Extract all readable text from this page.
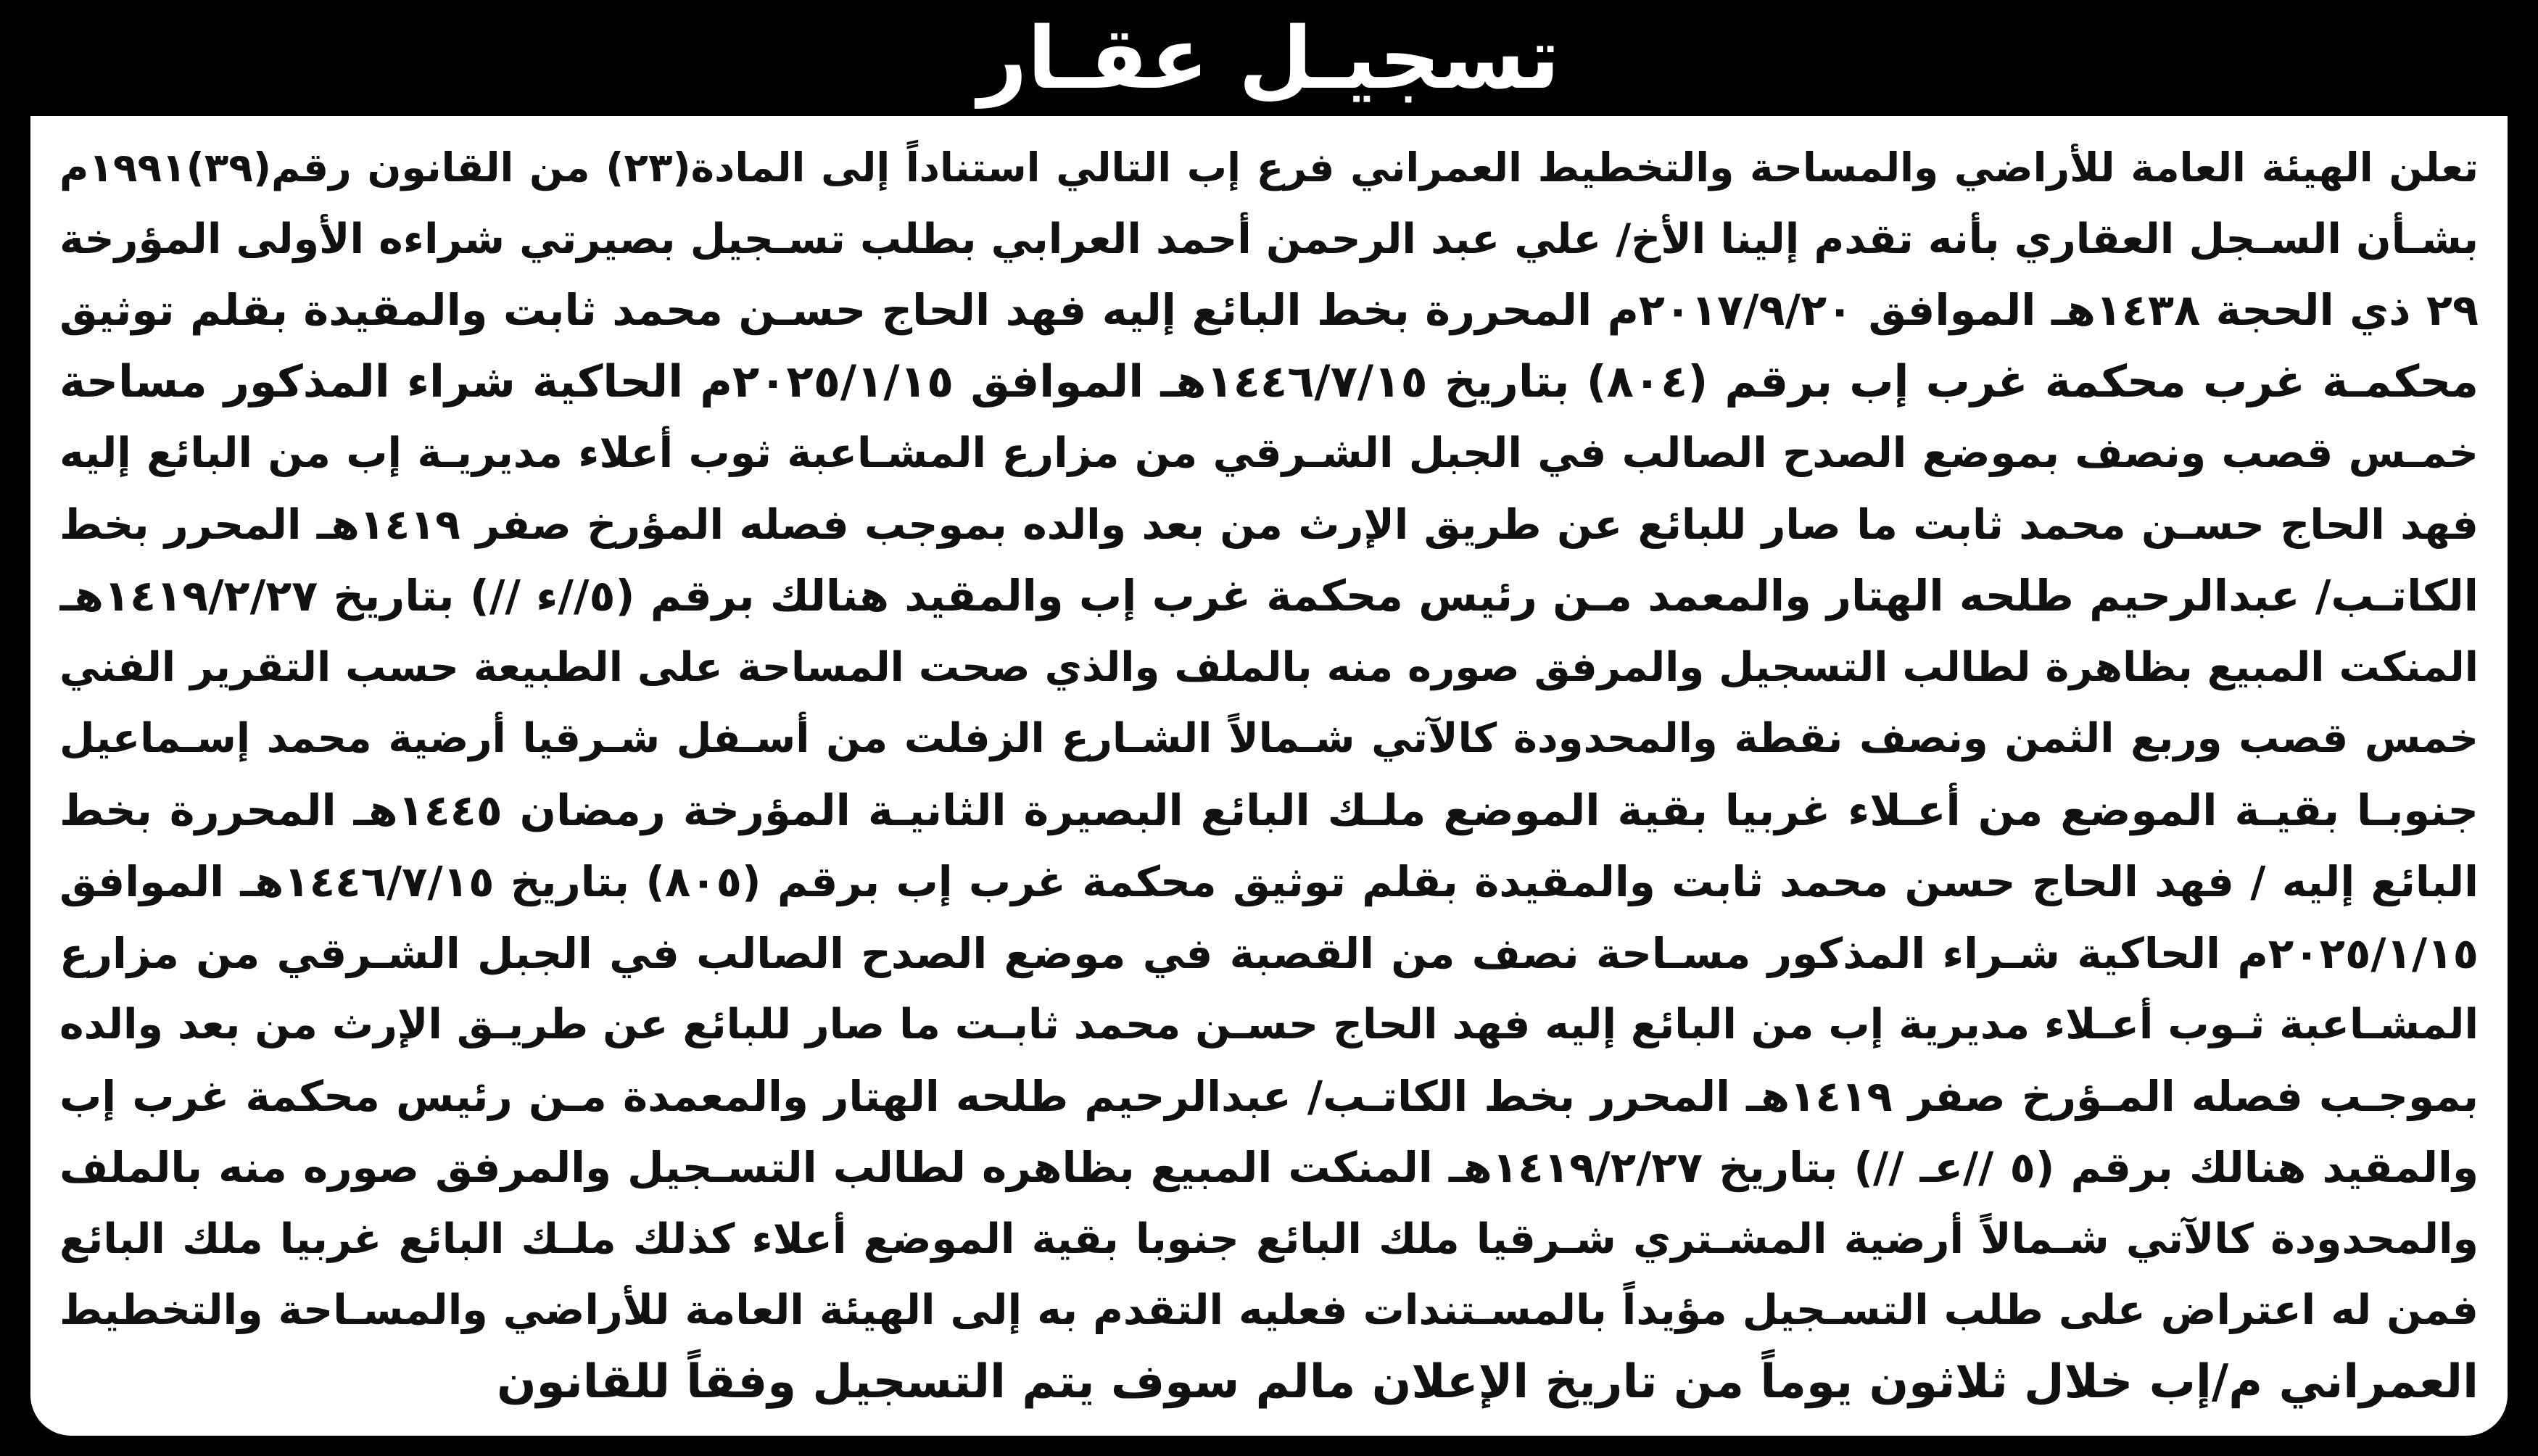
تسجيـل عقـار
تعلن الهيئة العامة للأراضي والمساحة والتخطيط العمراني فرع إب التالي استناداً إلى المادة(٢٣) من القانون رقم(٣٩)١٩٩١م
بشـأن السـجل العقاري بأنه تقدم إلينا الأخ/ علي عبد الرحمن أحمد العرابي بطلب تسـجيل بصيرتي شراءه الأولى المؤرخة
٢٩ ذي الحجة ١٤٣٨هـ الموافق ٢٠١٧/٩/٢٠م المحررة بخط البائع إليه فهد الحاج حسـن محمد ثابت والمقيدة بقلم توثيق
محكمـة غرب محكمة غرب إب برقم (٨٠٤) بتاريخ ١٤٤٦/٧/١٥هـ الموافق ٢٠٢٥/١/١٥م الحاكية شراء المذكور مساحة
خمـس قصب ونصف بموضع الصدح الصالب في الجبل الشـرقي من مزارع المشـاعبة ثوب أعلاء مديريـة إب من البائع إليه
فهد الحاج حسـن محمد ثابت ما صار للبائع عن طريق الإرث من بعد والده بموجب فصله المؤرخ صفر ١٤١٩هـ المحرر بخط
الكاتـب/ عبدالرحيم طلحه الهتار والمعمد مـن رئيس محكمة غرب إب والمقيد هنالك برقم (٥//ء //) بتاريخ ١٤١٩/٢/٢٧هـ
المنكت المبيع بظاهرة لطالب التسجيل والمرفق صوره منه بالملف والذي صحت المساحة على الطبيعة حسب التقرير الفني
خمس قصب وربع الثمن ونصف نقطة والمحدودة كالآتي شـمالاً الشـارع الزفلت من أسـفل شـرقيا أرضية محمد إسـماعيل
جنوبـا بقيـة الموضع من أعـلاء غربيا بقية الموضع ملـك البائع البصيرة الثانيـة المؤرخة رمضان ١٤٤٥هـ المحررة بخط
البائع إليه / فهد الحاج حسن محمد ثابت والمقيدة بقلم توثيق محكمة غرب إب برقم (٨٠٥) بتاريخ ١٤٤٦/٧/١٥هـ الموافق
٢٠٢٥/١/١٥م الحاكية شـراء المذكور مسـاحة نصف من القصبة في موضع الصدح الصالب في الجبل الشـرقي من مزارع
المشـاعبة ثـوب أعـلاء مديرية إب من البائع إليه فهد الحاج حسـن محمد ثابـت ما صار للبائع عن طريـق الإرث من بعد والده
بموجـب فصله المـؤرخ صفر ١٤١٩هـ المحرر بخط الكاتـب/ عبدالرحيم طلحه الهتار والمعمدة مـن رئيس محكمة غرب إب
والمقيد هنالك برقم (٥ //عـ //) بتاريخ ١٤١٩/٢/٢٧هـ المنكت المبيع بظاهره لطالب التسـجيل والمرفق صوره منه بالملف
والمحدودة كالآتي شـمالاً أرضية المشـتري شـرقيا ملك البائع جنوبا بقية الموضع أعلاء كذلك ملـك البائع غربيا ملك البائع
فمن له اعتراض على طلب التسـجيل مؤيداً بالمسـتندات فعليه التقدم به إلى الهيئة العامة للأراضي والمسـاحة والتخطيط
العمراني م/إب خلال ثلاثون يوماً من تاريخ الإعلان مالم سوف يتم التسجيل وفقاً للقانون
